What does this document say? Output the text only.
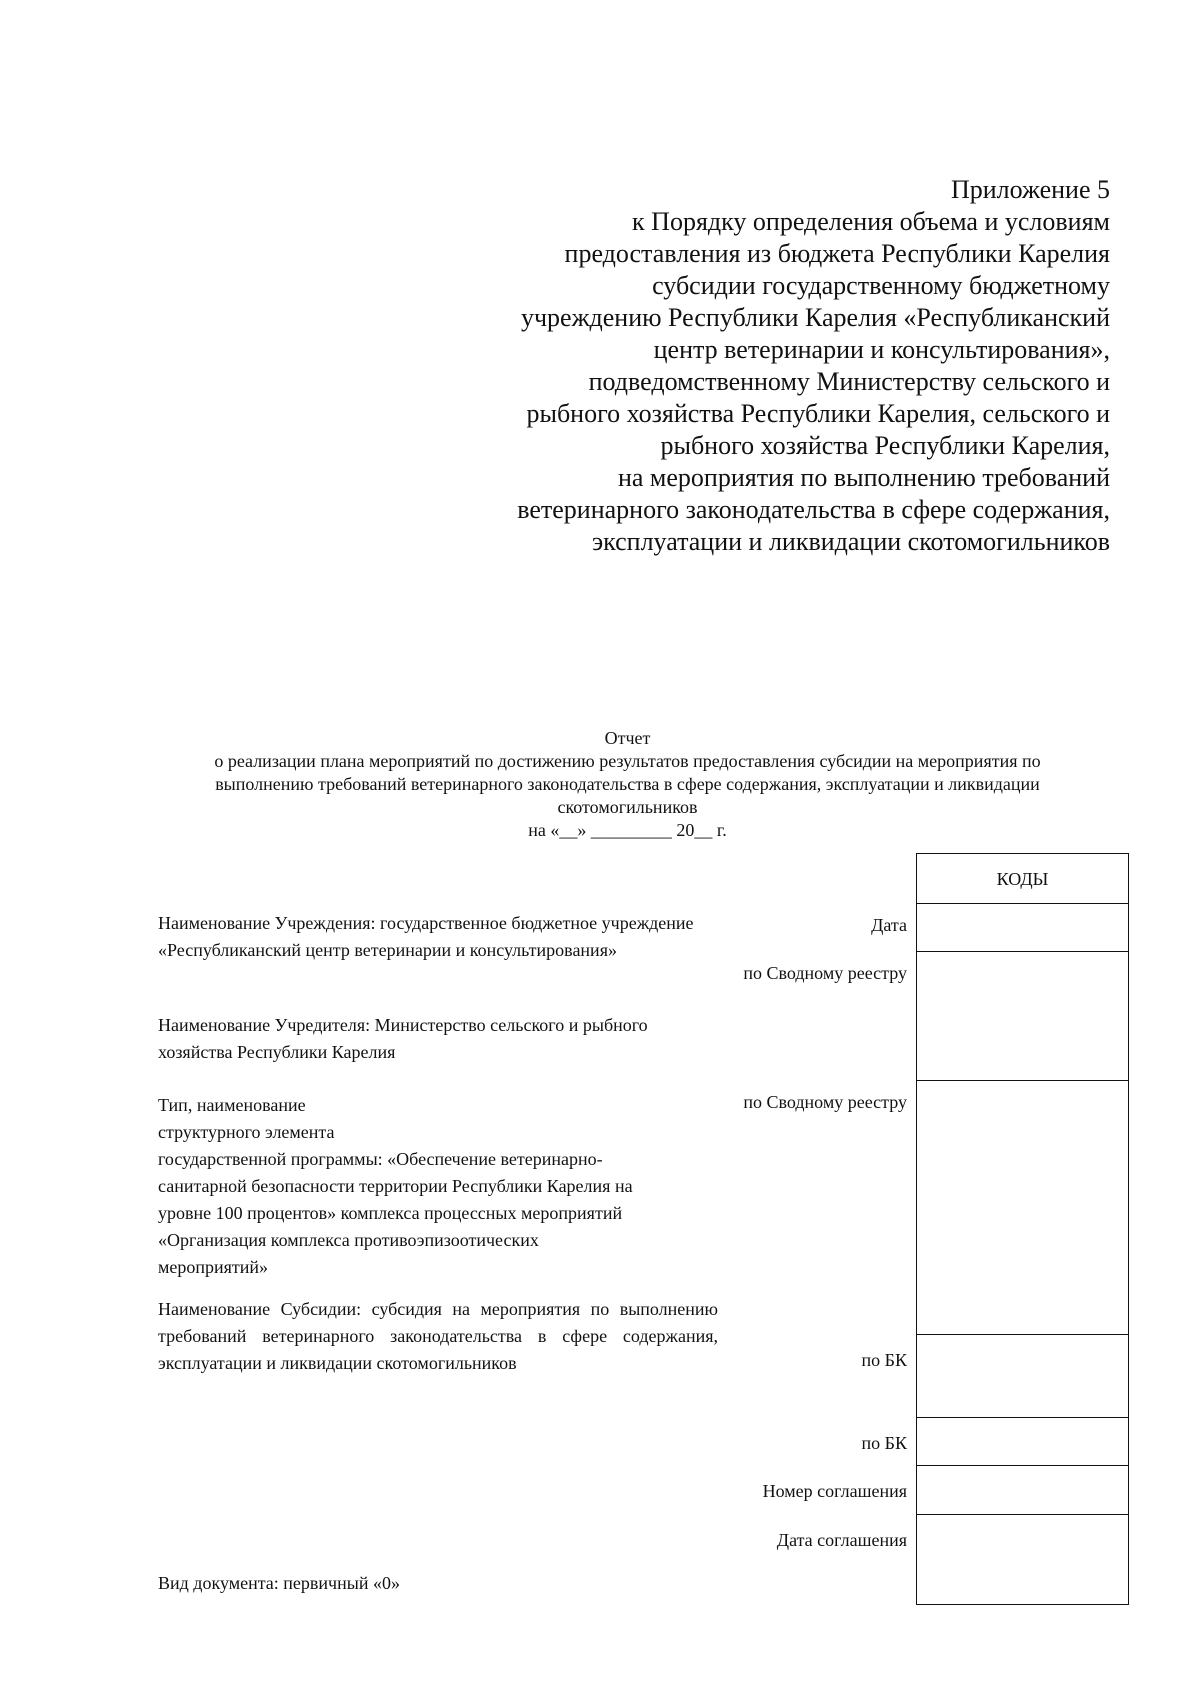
Приложение 5
к Порядку определения объема и условиям
предоставления из бюджета Республики Карелия
субсидии государственному бюджетному
учреждению Республики Карелия «Республиканский
центр ветеринарии и консультирования»,
подведомственному Министерству сельского и
рыбного хозяйства Республики Карелия, сельского и
рыбного хозяйства Республики Карелия,
на мероприятия по выполнению требований
ветеринарного законодательства в сфере содержания,
эксплуатации и ликвидации скотомогильников
Отчет
о реализации плана мероприятий по достижению результатов предоставления субсидии на мероприятия по
выполнению требований ветеринарного законодательства в сфере содержания, эксплуатации и ликвидации
скотомогильников
на «__» _________ 20__ г.
Наименование Учреждения: государственное бюджетное учреждение «Республиканский центр ветеринарии и консультирования»
Наименование Учредителя: Министерство сельского и рыбного хозяйства Республики Карелия
Тип, наименование
структурного элемента
государственной программы: «Обеспечение ветеринарно-
санитарной безопасности территории Республики Карелия на
уровне 100 процентов» комплекса процессных мероприятий
«Организация комплекса противоэпизоотических
мероприятий»
Наименование Субсидии: субсидия на мероприятия по выполнению требований ветеринарного законодательства в сфере содержания, эксплуатации и ликвидации скотомогильников
Вид документа: первичный «0»
Дата
по Сводному реестру
по Сводному реестру
по БК
по БК
Номер соглашения
Дата соглашения
КОДЫ
